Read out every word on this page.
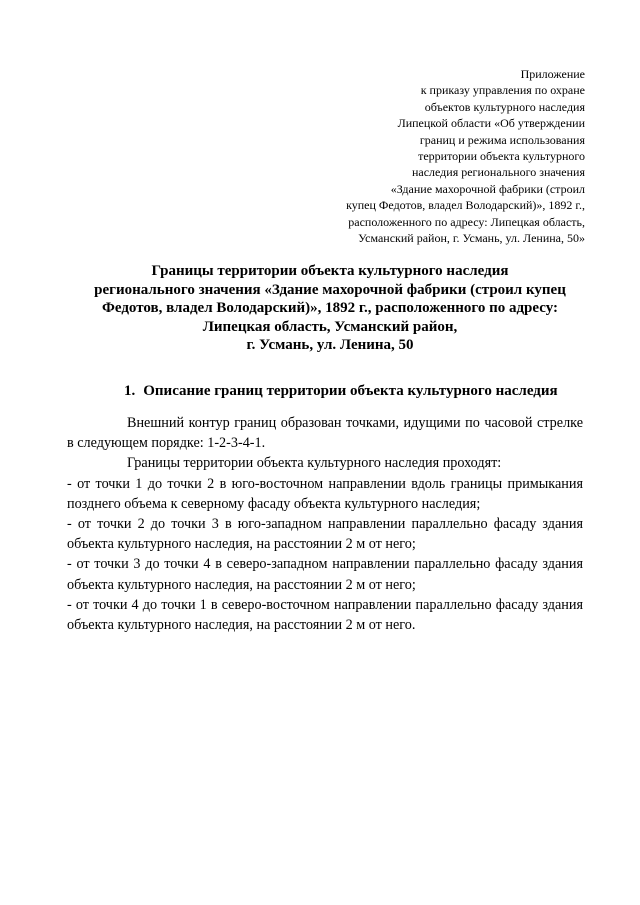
Приложение
к приказу управления по охране
объектов культурного наследия
Липецкой области «Об утверждении
границ и режима использования
территории объекта культурного
наследия регионального значения
«Здание махорочной фабрики (строил
купец Федотов, владел Володарский)», 1892 г.,
расположенного по адресу: Липецкая область,
Усманский район, г. Усмань, ул. Ленина, 50»
Границы территории объекта культурного наследия
регионального значения «Здание махорочной фабрики (строил купец
Федотов, владел Володарский)», 1892 г., расположенного по адресу:
Липецкая область, Усманский район,
г. Усмань, ул. Ленина, 50
1. Описание границ территории объекта культурного наследия

Внешний контур границ образован точками, идущими по часовой стрелке в следующем порядке: 1-2-3-4-1.

Границы территории объекта культурного наследия проходят:

- от точки 1 до точки 2 в юго-восточном направлении вдоль границы примыкания позднего объема к северному фасаду объекта культурного наследия;

- от точки 2 до точки 3 в юго-западном направлении параллельно фасаду здания объекта культурного наследия, на расстоянии 2 м от него;

- от точки 3 до точки 4 в северо-западном направлении параллельно фасаду здания объекта культурного наследия, на расстоянии 2 м от него;

- от точки 4 до точки 1 в северо-восточном направлении параллельно фасаду здания объекта культурного наследия, на расстоянии 2 м от него.
